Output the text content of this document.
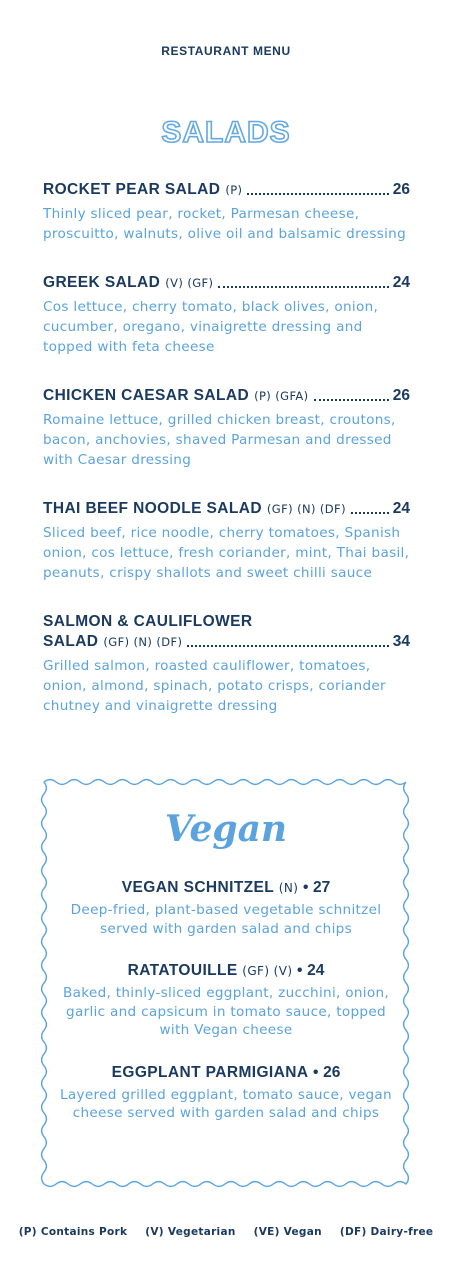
RESTAURANT MENU
SALADS
ROCKET PEAR SALAD (P)	26
Thinly sliced pear, rocket, Parmesan cheese, proscuitto, walnuts, olive oil and balsamic dressing
GREEK SALAD (V) (GF)	24
Cos lettuce, cherry tomato, black olives, onion, cucumber, oregano, vinaigrette dressing and topped with feta cheese
CHICKEN CAESAR SALAD (P) (GFA)	26
Romaine lettuce, grilled chicken breast, croutons, bacon, anchovies, shaved Parmesan and dressed with Caesar dressing
THAI BEEF NOODLE SALAD (GF) (N) (DF)	24
Sliced beef, rice noodle, cherry tomatoes, Spanish onion, cos lettuce, fresh coriander, mint, Thai basil, peanuts, crispy shallots and sweet chilli sauce
SALMON & CAULIFLOWER
SALAD (GF) (N) (DF)	34
Grilled salmon, roasted cauliflower, tomatoes, onion, almond, spinach, potato crisps, coriander chutney and vinaigrette dressing
Vegan
VEGAN SCHNITZEL (N) • 27
Deep-fried, plant-based vegetable schnitzel served with garden salad and chips
RATATOUILLE (GF) (V) • 24
Baked, thinly-sliced eggplant, zucchini, onion, garlic and capsicum in tomato sauce, topped with Vegan cheese
EGGPLANT PARMIGIANA • 26
Layered grilled eggplant, tomato sauce, vegan cheese served with garden salad and chips
(P) Contains Pork (V) Vegetarian (VE) Vegan (DF) Dairy-free
